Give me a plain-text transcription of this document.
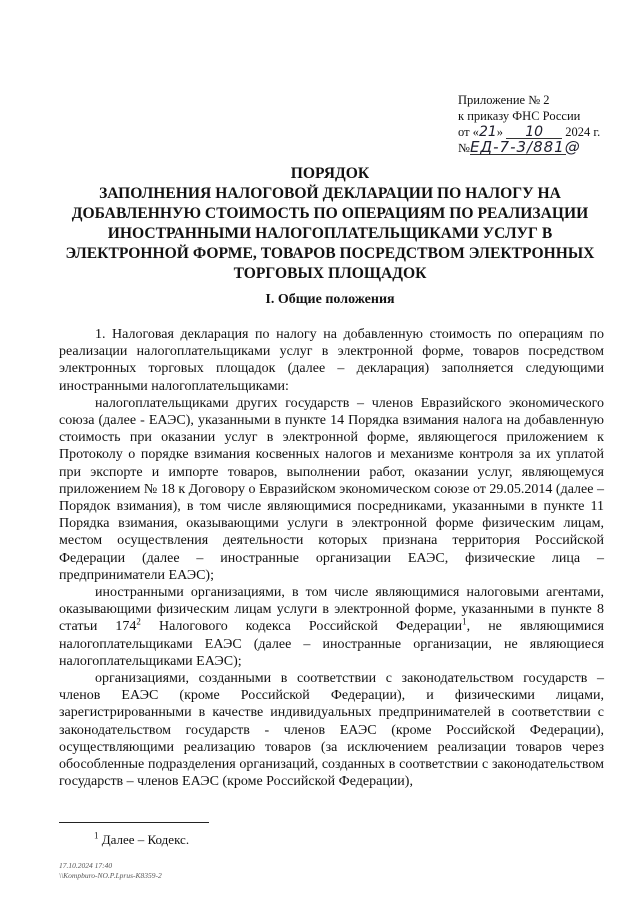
Приложение № 2
к приказу ФНС России
от «21» 10 2024 г.
№ЕД-7-3/881@
ПОРЯДОК
ЗАПОЛНЕНИЯ НАЛОГОВОЙ ДЕКЛАРАЦИИ ПО НАЛОГУ НА
ДОБАВЛЕННУЮ СТОИМОСТЬ ПО ОПЕРАЦИЯМ ПО РЕАЛИЗАЦИИ
ИНОСТРАННЫМИ НАЛОГОПЛАТЕЛЬЩИКАМИ УСЛУГ В
ЭЛЕКТРОННОЙ ФОРМЕ, ТОВАРОВ ПОСРЕДСТВОМ ЭЛЕКТРОННЫХ
ТОРГОВЫХ ПЛОЩАДОК
I. Общие положения

1. Налоговая декларация по налогу на добавленную стоимость по операциям по реализации налогоплательщиками услуг в электронной форме, товаров посредством электронных торговых площадок (далее – декларация) заполняется следующими иностранными налогоплательщиками:

налогоплательщиками других государств – членов Евразийского экономического союза (далее - ЕАЭС), указанными в пункте 14 Порядка взимания налога на добавленную стоимость при оказании услуг в электронной форме, являющегося приложением к Протоколу о порядке взимания косвенных налогов и механизме контроля за их уплатой при экспорте и импорте товаров, выполнении работ, оказании услуг, являющемуся приложением № 18 к Договору о Евразийском экономическом союзе от 29.05.2014 (далее – Порядок взимания), в том числе являющимися посредниками, указанными в пункте 11 Порядка взимания, оказывающими услуги в электронной форме физическим лицам, местом осуществления деятельности которых признана территория Российской Федерации (далее – иностранные организации ЕАЭС, физические лица – предприниматели ЕАЭС);

иностранными организациями, в том числе являющимися налоговыми агентами, оказывающими физическим лицам услуги в электронной форме, указанными в пункте 8 статьи $174^2$ Налогового кодекса Российской Федерации$^1$, не являющимися налогоплательщиками ЕАЭС (далее – иностранные организации, не являющиеся налогоплательщиками ЕАЭС);

организациями, созданными в соответствии с законодательством государств – членов ЕАЭС (кроме Российской Федерации), и физическими лицами, зарегистрированными в качестве индивидуальных предпринимателей в соответствии с законодательством государств - членов ЕАЭС (кроме Российской Федерации), осуществляющими реализацию товаров (за исключением реализации товаров через обособленные подразделения организаций, созданных в соответствии с законодательством государств – членов ЕАЭС (кроме Российской Федерации),

$^1$ Далее – Кодекс.
17.10.2024 17:40
\\Kompburo-NO.Р.Lprus-K8359-2
